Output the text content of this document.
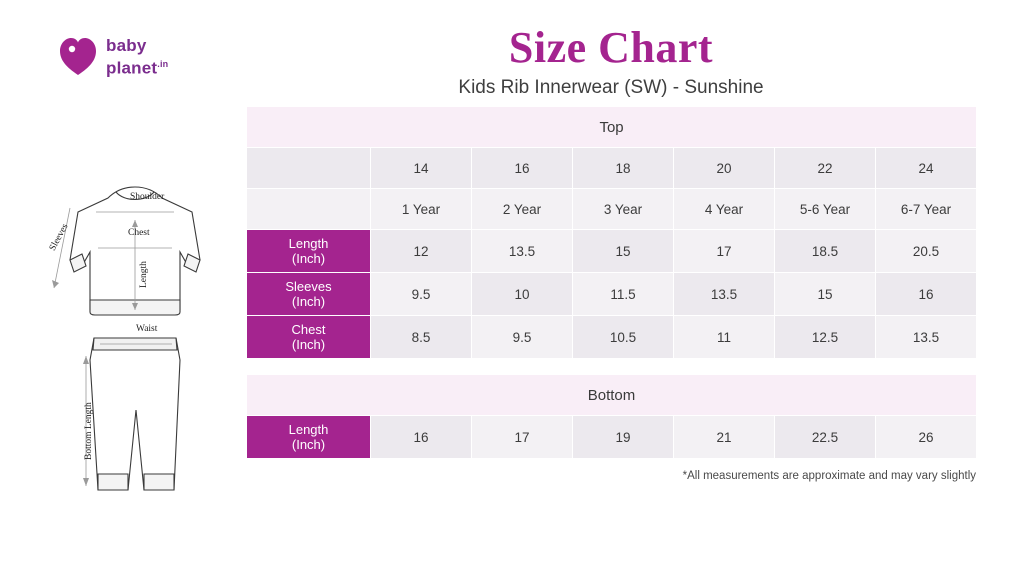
baby
planet$^{.in}$	Size Chart
Kids Rib Innerwear (SW) - Sunshine
Shoulder
Chest
Length
Sleeves
Waist
Bottom Length
Top						
	14	16	18	20	22	24
	1 Year	2 Year	3 Year	4 Year	5-6 Year	6-7 Year
Length
(Inch)	12	13.5	15	17	18.5	20.5
Sleeves
(Inch)	9.5	10	11.5	13.5	15	16
Chest
(Inch)	8.5	9.5	10.5	11	12.5	13.5
Bottom
Length
(Inch)	16	17	19	21	22.5	26
*All measurements are approximate and may vary slightly
